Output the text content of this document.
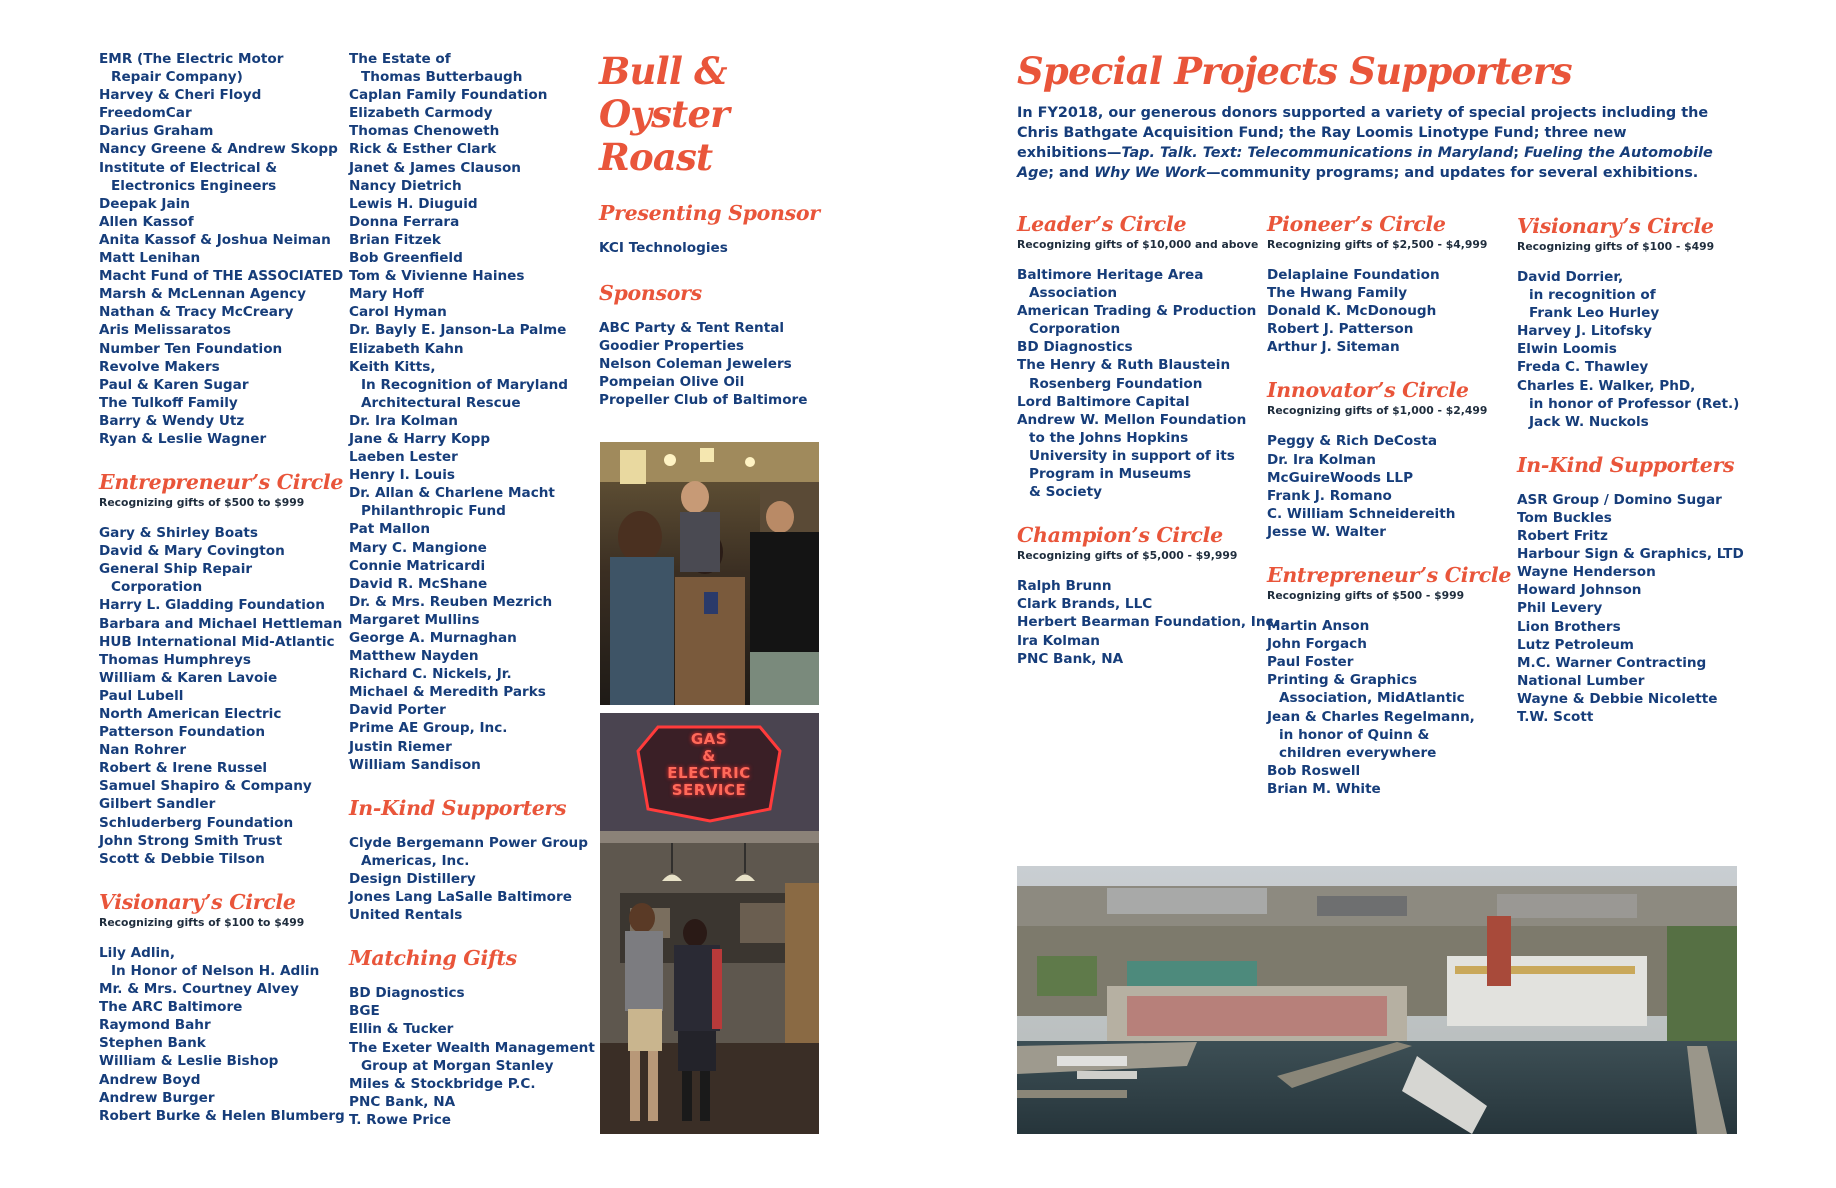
EMR (The Electric Motor
Repair Company)
Harvey & Cheri Floyd
FreedomCar
Darius Graham
Nancy Greene & Andrew Skopp
Institute of Electrical &
Electronics Engineers
Deepak Jain
Allen Kassof
Anita Kassof & Joshua Neiman
Matt Lenihan
Macht Fund of THE ASSOCIATED
Marsh & McLennan Agency
Nathan & Tracy McCreary
Aris Melissaratos
Number Ten Foundation
Revolve Makers
Paul & Karen Sugar
The Tulkoff Family
Barry & Wendy Utz
Ryan & Leslie Wagner
Entrepreneur’s Circle
Recognizing gifts of $500 to $999
Gary & Shirley Boats
David & Mary Covington
General Ship Repair
Corporation
Harry L. Gladding Foundation
Barbara and Michael Hettleman
HUB International Mid-Atlantic
Thomas Humphreys
William & Karen Lavoie
Paul Lubell
North American Electric
Patterson Foundation
Nan Rohrer
Robert & Irene Russel
Samuel Shapiro & Company
Gilbert Sandler
Schluderberg Foundation
John Strong Smith Trust
Scott & Debbie Tilson
Visionary’s Circle
Recognizing gifts of $100 to $499
Lily Adlin,
In Honor of Nelson H. Adlin
Mr. & Mrs. Courtney Alvey
The ARC Baltimore
Raymond Bahr
Stephen Bank
William & Leslie Bishop
Andrew Boyd
Andrew Burger
Robert Burke & Helen Blumberg
The Estate of
Thomas Butterbaugh
Caplan Family Foundation
Elizabeth Carmody
Thomas Chenoweth
Rick & Esther Clark
Janet & James Clauson
Nancy Dietrich
Lewis H. Diuguid
Donna Ferrara
Brian Fitzek
Bob Greenfield
Tom & Vivienne Haines
Mary Hoff
Carol Hyman
Dr. Bayly E. Janson-La Palme
Elizabeth Kahn
Keith Kitts,
In Recognition of Maryland
Architectural Rescue
Dr. Ira Kolman
Jane & Harry Kopp
Laeben Lester
Henry I. Louis
Dr. Allan & Charlene Macht
Philanthropic Fund
Pat Mallon
Mary C. Mangione
Connie Matricardi
David R. McShane
Dr. & Mrs. Reuben Mezrich
Margaret Mullins
George A. Murnaghan
Matthew Nayden
Richard C. Nickels, Jr.
Michael & Meredith Parks
David Porter
Prime AE Group, Inc.
Justin Riemer
William Sandison
In-Kind Supporters
Clyde Bergemann Power Group
Americas, Inc.
Design Distillery
Jones Lang LaSalle Baltimore
United Rentals
Matching Gifts
BD Diagnostics
BGE
Ellin & Tucker
The Exeter Wealth Management
Group at Morgan Stanley
Miles & Stockbridge P.C.
PNC Bank, NA
T. Rowe Price
Bull & Oyster
Roast
Presenting Sponsor
KCI Technologies
Sponsors
ABC Party & Tent Rental
Goodier Properties
Nelson Coleman Jewelers
Pompeian Olive Oil
Propeller Club of Baltimore
GAS
&
ELECTRIC
SERVICE
Special Projects Supporters
In FY2018, our generous donors supported a variety of special projects including the Chris Bathgate Acquisition Fund; the Ray Loomis Linotype Fund; three new exhibitions—Tap. Talk. Text: Telecommunications in Maryland; Fueling the Automobile Age; and Why We Work—community programs; and updates for several exhibitions.
Leader’s Circle
Recognizing gifts of $10,000 and above
Baltimore Heritage Area
Association
American Trading & Production
Corporation
BD Diagnostics
The Henry & Ruth Blaustein
Rosenberg Foundation
Lord Baltimore Capital
Andrew W. Mellon Foundation
to the Johns Hopkins
University in support of its
Program in Museums
& Society
Champion’s Circle
Recognizing gifts of $5,000 - $9,999
Ralph Brunn
Clark Brands, LLC
Herbert Bearman Foundation, Inc.
Ira Kolman
PNC Bank, NA
Pioneer’s Circle
Recognizing gifts of $2,500 - $4,999
Delaplaine Foundation
The Hwang Family
Donald K. McDonough
Robert J. Patterson
Arthur J. Siteman
Innovator’s Circle
Recognizing gifts of $1,000 - $2,499
Peggy & Rich DeCosta
Dr. Ira Kolman
McGuireWoods LLP
Frank J. Romano
C. William Schneidereith
Jesse W. Walter
Entrepreneur’s Circle
Recognizing gifts of $500 - $999
Martin Anson
John Forgach
Paul Foster
Printing & Graphics
Association, MidAtlantic
Jean & Charles Regelmann,
in honor of Quinn &
children everywhere
Bob Roswell
Brian M. White
Visionary’s Circle
Recognizing gifts of $100 - $499
David Dorrier,
in recognition of
Frank Leo Hurley
Harvey J. Litofsky
Elwin Loomis
Freda C. Thawley
Charles E. Walker, PhD,
in honor of Professor (Ret.)
Jack W. Nuckols
In-Kind Supporters
ASR Group / Domino Sugar
Tom Buckles
Robert Fritz
Harbour Sign & Graphics, LTD
Wayne Henderson
Howard Johnson
Phil Levery
Lion Brothers
Lutz Petroleum
M.C. Warner Contracting
National Lumber
Wayne & Debbie Nicolette
T.W. Scott
